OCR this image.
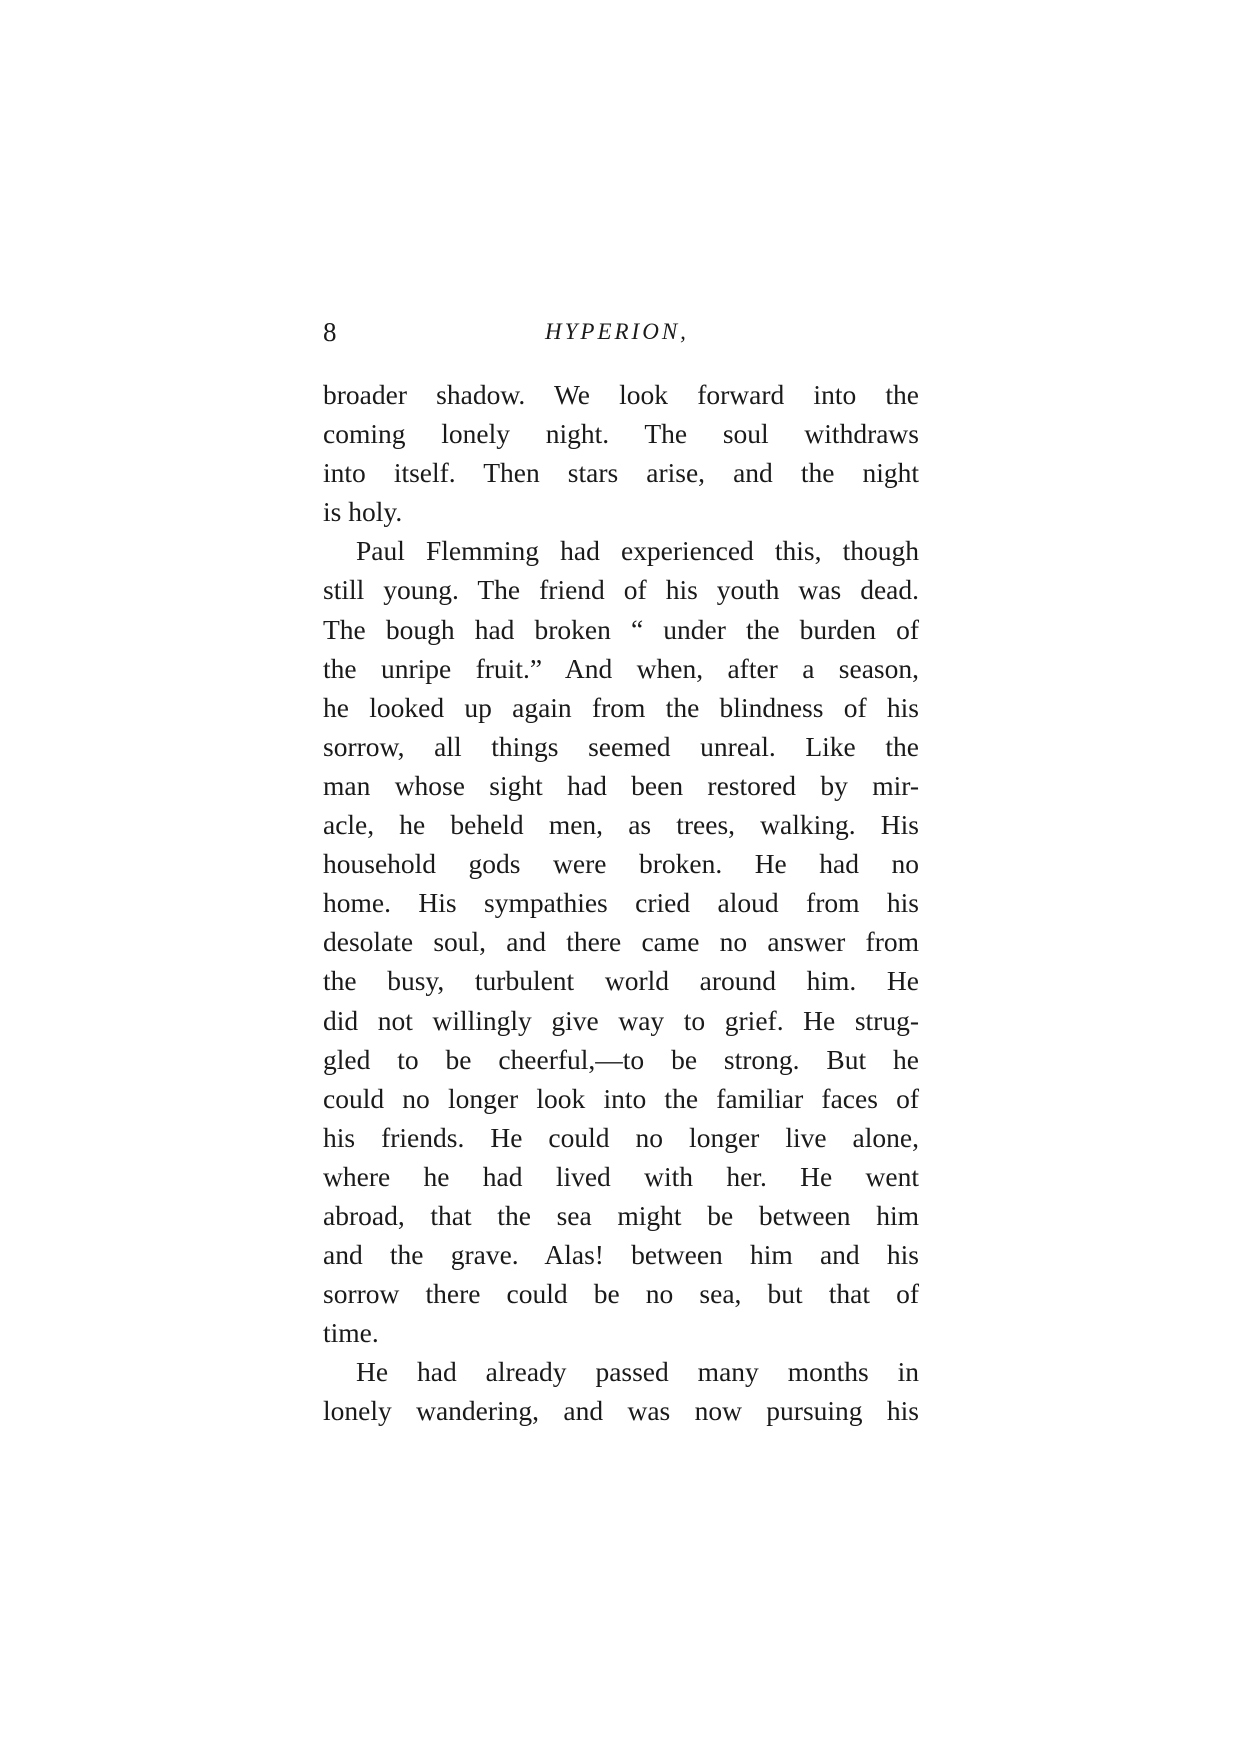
8	HYPERION,

broader shadow. We look forward into the
coming lonely night. The soul withdraws
into itself. Then stars arise, and the night
is holy.

Paul Flemming had experienced this, though
still young. The friend of his youth was dead.
The bough had broken “ under the burden of
the unripe fruit.” And when, after a season,
he looked up again from the blindness of his
sorrow, all things seemed unreal. Like the
man whose sight had been restored by mir-
acle, he beheld men, as trees, walking. His
household gods were broken. He had no
home. His sympathies cried aloud from his
desolate soul, and there came no answer from
the busy, turbulent world around him. He
did not willingly give way to grief. He strug-
gled to be cheerful,—to be strong. But he
could no longer look into the familiar faces of
his friends. He could no longer live alone,
where he had lived with her. He went
abroad, that the sea might be between him
and the grave. Alas! between him and his
sorrow there could be no sea, but that of
time.

He had already passed many months in
lonely wandering, and was now pursuing his
